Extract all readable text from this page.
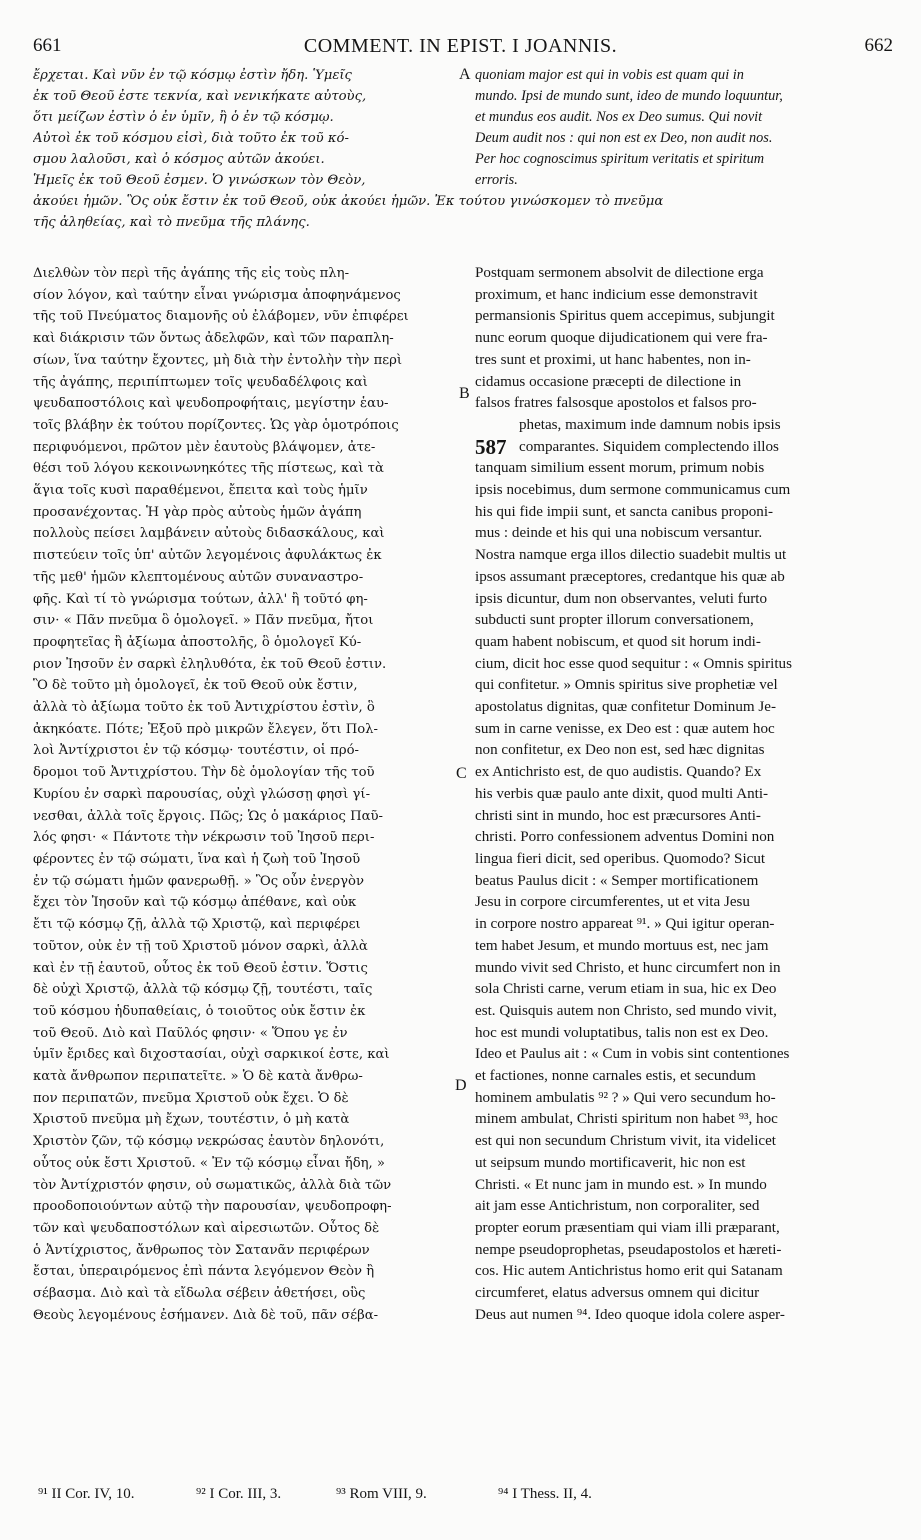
661	COMMENT. IN EPIST. I JOANNIS.	662
ἔρχεται. Καὶ νῦν ἐν τῷ κόσμῳ ἐστὶν ἤδη. Ὑμεῖς
ἐκ τοῦ Θεοῦ ἐστε τεκνία, καὶ νενικήκατε αὐτοὺς,
ὅτι μείζων ἐστὶν ὁ ἐν ὑμῖν, ἢ ὁ ἐν τῷ κόσμῳ.
Αὐτοὶ ἐκ τοῦ κόσμου εἰσὶ, διὰ τοῦτο ἐκ τοῦ κό-
σμου λαλοῦσι, καὶ ὁ κόσμος αὐτῶν ἀκούει.
Ἡμεῖς ἐκ τοῦ Θεοῦ ἐσμεν. Ὁ γινώσκων τὸν Θεὸν,
ἀκούει ἡμῶν. Ὃς οὐκ ἔστιν ἐκ τοῦ Θεοῦ, οὐκ ἀκούει ἡμῶν. Ἐκ τούτου γινώσκομεν τὸ πνεῦμα
τῆς ἀληθείας, καὶ τὸ πνεῦμα τῆς πλάνης.
quoniam major est qui in vobis est quam qui in
mundo. Ipsi de mundo sunt, ideo de mundo loquuntur,
et mundus eos audit. Nos ex Deo sumus. Qui novit
Deum audit nos : qui non est ex Deo, non audit nos.
Per hoc cognoscimus spiritum veritatis et spiritum
erroris.
Διελθὼν τὸν περὶ τῆς ἀγάπης τῆς εἰς τοὺς πλη-
σίον λόγον, καὶ ταύτην εἶναι γνώρισμα ἀποφηνάμενος
τῆς τοῦ Πνεύματος διαμονῆς οὐ ἐλάβομεν, νῦν ἐπιφέρει
καὶ διάκρισιν τῶν ὄντως ἀδελφῶν, καὶ τῶν παραπλη-
σίων, ἵνα ταύτην ἔχοντες, μὴ διὰ τὴν ἐντολὴν τὴν περὶ
τῆς ἀγάπης, περιπίπτωμεν τοῖς ψευδαδέλφοις καὶ
ψευδαποστόλοις καὶ ψευδοπροφήταις, μεγίστην ἑαυ-
τοῖς βλάβην ἐκ τούτου πορίζοντες. Ὡς γὰρ ὁμοτρόποις
περιφυόμενοι, πρῶτον μὲν ἑαυτοὺς βλάψομεν, ἀτε-
θέσι τοῦ λόγου κεκοινωνηκότες τῆς πίστεως, καὶ τὰ
ἅγια τοῖς κυσὶ παραθέμενοι, ἔπειτα καὶ τοὺς ἡμῖν
προσανέχοντας. Ἡ γὰρ πρὸς αὐτοὺς ἡμῶν ἀγάπη
πολλοὺς πείσει λαμβάνειν αὐτοὺς διδασκάλους, καὶ
πιστεύειν τοῖς ὑπ' αὐτῶν λεγομένοις ἀφυλάκτως ἐκ
τῆς μεθ' ἡμῶν κλεπτομένους αὐτῶν συναναστρο-
φῆς. Καὶ τί τὸ γνώρισμα τούτων, ἀλλ' ἢ τοῦτό φη-
σιν· « Πᾶν πνεῦμα ὃ ὁμολογεῖ. » Πᾶν πνεῦμα, ἤτοι
προφητεῖας ἢ ἀξίωμα ἀποστολῆς, ὃ ὁμολογεῖ Κύ-
ριον Ἰησοῦν ἐν σαρκὶ ἐληλυθότα, ἐκ τοῦ Θεοῦ ἐστιν.
Ὃ δὲ τοῦτο μὴ ὁμολογεῖ, ἐκ τοῦ Θεοῦ οὐκ ἔστιν,
ἀλλὰ τὸ ἀξίωμα τοῦτο ἐκ τοῦ Ἀντιχρίστου ἐστὶν, ὃ
ἀκηκόατε. Πότε; Ἐξοῦ πρὸ μικρῶν ἔλεγεν, ὅτι Πολ-
λοὶ Ἀντίχριστοι ἐν τῷ κόσμῳ· τουτέστιν, οἱ πρό-
δρομοι τοῦ Ἀντιχρίστου. Τὴν δὲ ὁμολογίαν τῆς τοῦ
Κυρίου ἐν σαρκὶ παρουσίας, οὐχὶ γλώσσῃ φησὶ γί-
νεσθαι, ἀλλὰ τοῖς ἔργοις. Πῶς; Ὡς ὁ μακάριος Παῦ-
λός φησι· « Πάντοτε τὴν νέκρωσιν τοῦ Ἰησοῦ περι-
φέροντες ἐν τῷ σώματι, ἵνα καὶ ἡ ζωὴ τοῦ Ἰησοῦ
ἐν τῷ σώματι ἡμῶν φανερωθῇ. » Ὃς οὖν ἐνεργὸν
ἔχει τὸν Ἰησοῦν καὶ τῷ κόσμῳ ἀπέθανε, καὶ οὐκ
ἔτι τῷ κόσμῳ ζῇ, ἀλλὰ τῷ Χριστῷ, καὶ περιφέρει
τοῦτον, οὐκ ἐν τῇ τοῦ Χριστοῦ μόνον σαρκὶ, ἀλλὰ
καὶ ἐν τῇ ἑαυτοῦ, οὗτος ἐκ τοῦ Θεοῦ ἐστιν. Ὅστις
δὲ οὐχὶ Χριστῷ, ἀλλὰ τῷ κόσμῳ ζῇ, τουτέστι, ταῖς
τοῦ κόσμου ἡδυπαθείαις, ὁ τοιοῦτος οὐκ ἔστιν ἐκ
τοῦ Θεοῦ. Διὸ καὶ Παῦλός φησιν· « Ὅπου γε ἐν
ὑμῖν ἔριδες καὶ διχοστασίαι, οὐχὶ σαρκικοί ἐστε, καὶ
κατὰ ἄνθρωπον περιπατεῖτε. » Ὁ δὲ κατὰ ἄνθρω-
πον περιπατῶν, πνεῦμα Χριστοῦ οὐκ ἔχει. Ὁ δὲ
Χριστοῦ πνεῦμα μὴ ἔχων, τουτέστιν, ὁ μὴ κατὰ
Χριστὸν ζῶν, τῷ κόσμῳ νεκρώσας ἑαυτὸν δηλονότι,
οὗτος οὐκ ἔστι Χριστοῦ. « Ἐν τῷ κόσμῳ εἶναι ἤδη, »
τὸν Ἀντίχριστόν φησιν, οὐ σωματικῶς, ἀλλὰ διὰ τῶν
προοδοποιούντων αὐτῷ τὴν παρουσίαν, ψευδοπροφη-
τῶν καὶ ψευδαποστόλων καὶ αἱρεσιωτῶν. Οὗτος δὲ
ὁ Ἀντίχριστος, ἄνθρωπος τὸν Σατανᾶν περιφέρων
ἔσται, ὑπεραιρόμενος ἐπὶ πάντα λεγόμενον Θεὸν ἢ
σέβασμα. Διὸ καὶ τὰ εἴδωλα σέβειν ἀθετήσει, οὓς
Θεοὺς λεγομένους ἐσήμανεν. Διὰ δὲ τοῦ, πᾶν σέβα-
Postquam sermonem absolvit de dilectione erga
proximum, et hanc indicium esse demonstravit
permansionis Spiritus quem accepimus, subjungit
nunc eorum quoque dijudicationem qui vere fra-
tres sunt et proximi, ut hanc habentes, non in-
cidamus occasione præcepti de dilectione in
falsos fratres falsosque apostolos et falsos pro-
phetas, maximum inde damnum nobis ipsis
comparantes. Siquidem complectendo illos
tanquam similium essent morum, primum nobis
ipsis nocebimus, dum sermone communicamus cum
his qui fide impii sunt, et sancta canibus proponi-
mus : deinde et his qui una nobiscum versantur.
Nostra namque erga illos dilectio suadebit multis ut
ipsos assumant præceptores, credantque his quæ ab
ipsis dicuntur, dum non observantes, veluti furto
subducti sunt propter illorum conversationem,
quam habent nobiscum, et quod sit horum indi-
cium, dicit hoc esse quod sequitur : « Omnis spiritus
qui confitetur. » Omnis spiritus sive prophetiæ vel
apostolatus dignitas, quæ confitetur Dominum Je-
sum in carne venisse, ex Deo est : quæ autem hoc
non confitetur, ex Deo non est, sed hæc dignitas
ex Antichristo est, de quo audistis. Quando? Ex
his verbis quæ paulo ante dixit, quod multi Anti-
christi sint in mundo, hoc est præcursores Anti-
christi. Porro confessionem adventus Domini non
lingua fieri dicit, sed operibus. Quomodo? Sicut
beatus Paulus dicit : « Semper mortificationem
Jesu in corpore circumferentes, ut et vita Jesu
in corpore nostro appareat ⁹¹. » Qui igitur operan-
tem habet Jesum, et mundo mortuus est, nec jam
mundo vivit sed Christo, et hunc circumfert non in
sola Christi carne, verum etiam in sua, hic ex Deo
est. Quisquis autem non Christo, sed mundo vivit,
hoc est mundi voluptatibus, talis non est ex Deo.
Ideo et Paulus ait : « Cum in vobis sint contentiones
et factiones, nonne carnales estis, et secundum
hominem ambulatis ⁹² ? » Qui vero secundum ho-
minem ambulat, Christi spiritum non habet ⁹³, hoc
est qui non secundum Christum vivit, ita videlicet
ut seipsum mundo mortificaverit, hic non est
Christi. « Et nunc jam in mundo est. » In mundo
ait jam esse Antichristum, non corporaliter, sed
propter eorum præsentiam qui viam illi præparant,
nempe pseudoprophetas, pseudapostolos et hæreti-
cos. Hic autem Antichristus homo erit qui Satanam
circumferet, elatus adversus omnem qui dicitur
Deus aut numen ⁹⁴. Ideo quoque idola colere asper-
587
A
B
C
D
⁹¹ II Cor. IV, 10.	⁹² I Cor. III, 3.	⁹³ Rom VIII, 9.	⁹⁴ I Thess. II, 4.
